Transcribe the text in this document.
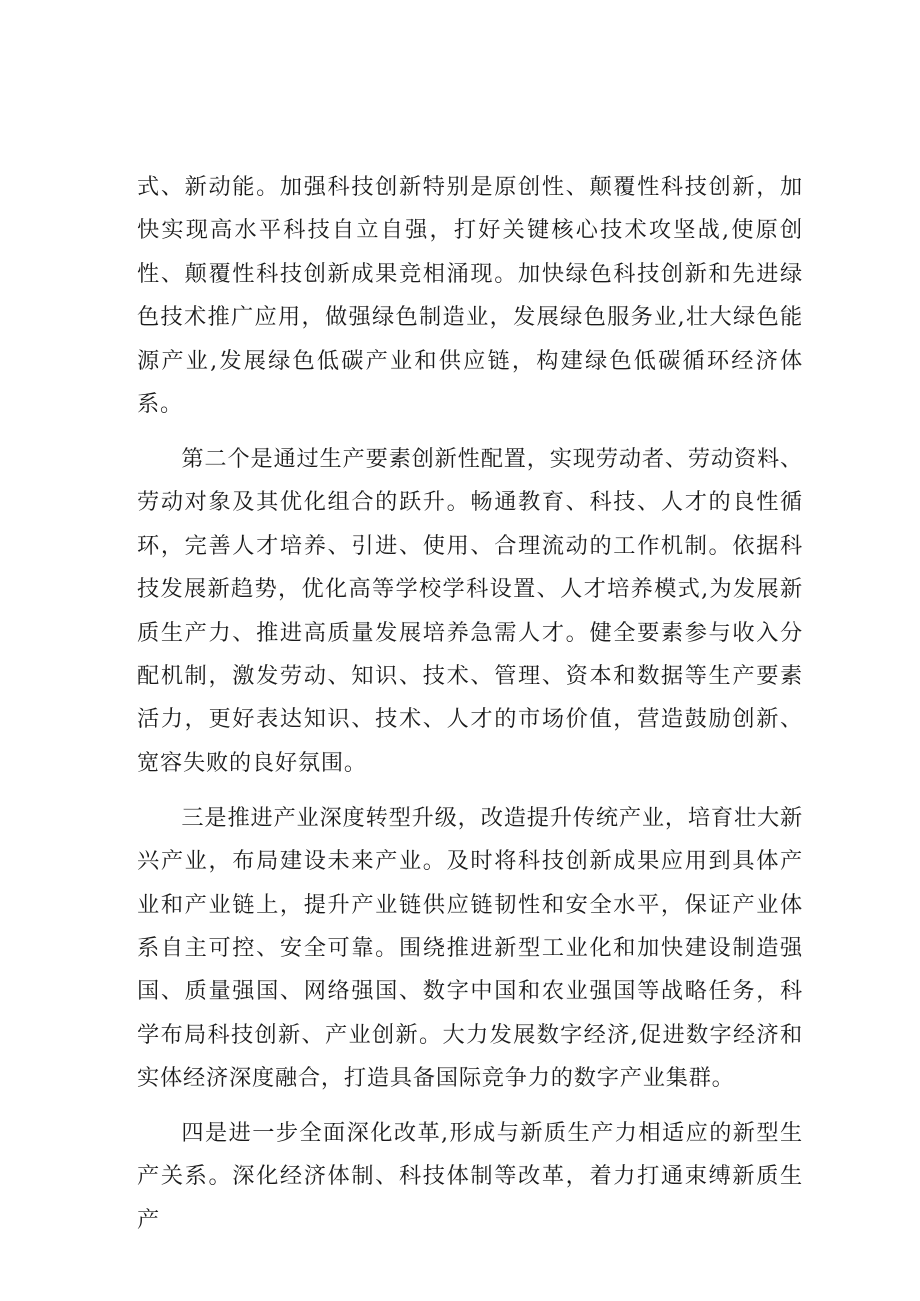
式、新动能。加强科技创新特别是原创性、颠覆性科技创新，加快实现高水平科技自立自强，打好关键核心技术攻坚战,使原创性、颠覆性科技创新成果竞相涌现。加快绿色科技创新和先进绿色技术推广应用，做强绿色制造业，发展绿色服务业,壮大绿色能源产业,发展绿色低碳产业和供应链，构建绿色低碳循环经济体系。

第二个是通过生产要素创新性配置，实现劳动者、劳动资料、劳动对象及其优化组合的跃升。畅通教育、科技、人才的良性循环，完善人才培养、引进、使用、合理流动的工作机制。依据科技发展新趋势，优化高等学校学科设置、人才培养模式,为发展新质生产力、推进高质量发展培养急需人才。健全要素参与收入分配机制，激发劳动、知识、技术、管理、资本和数据等生产要素活力，更好表达知识、技术、人才的市场价值，营造鼓励创新、宽容失败的良好氛围。

三是推进产业深度转型升级，改造提升传统产业，培育壮大新兴产业，布局建设未来产业。及时将科技创新成果应用到具体产业和产业链上，提升产业链供应链韧性和安全水平，保证产业体系自主可控、安全可靠。围绕推进新型工业化和加快建设制造强国、质量强国、网络强国、数字中国和农业强国等战略任务，科学布局科技创新、产业创新。大力发展数字经济,促进数字经济和实体经济深度融合，打造具备国际竞争力的数字产业集群。

四是进一步全面深化改革,形成与新质生产力相适应的新型生产关系。深化经济体制、科技体制等改革，着力打通束缚新质生产
